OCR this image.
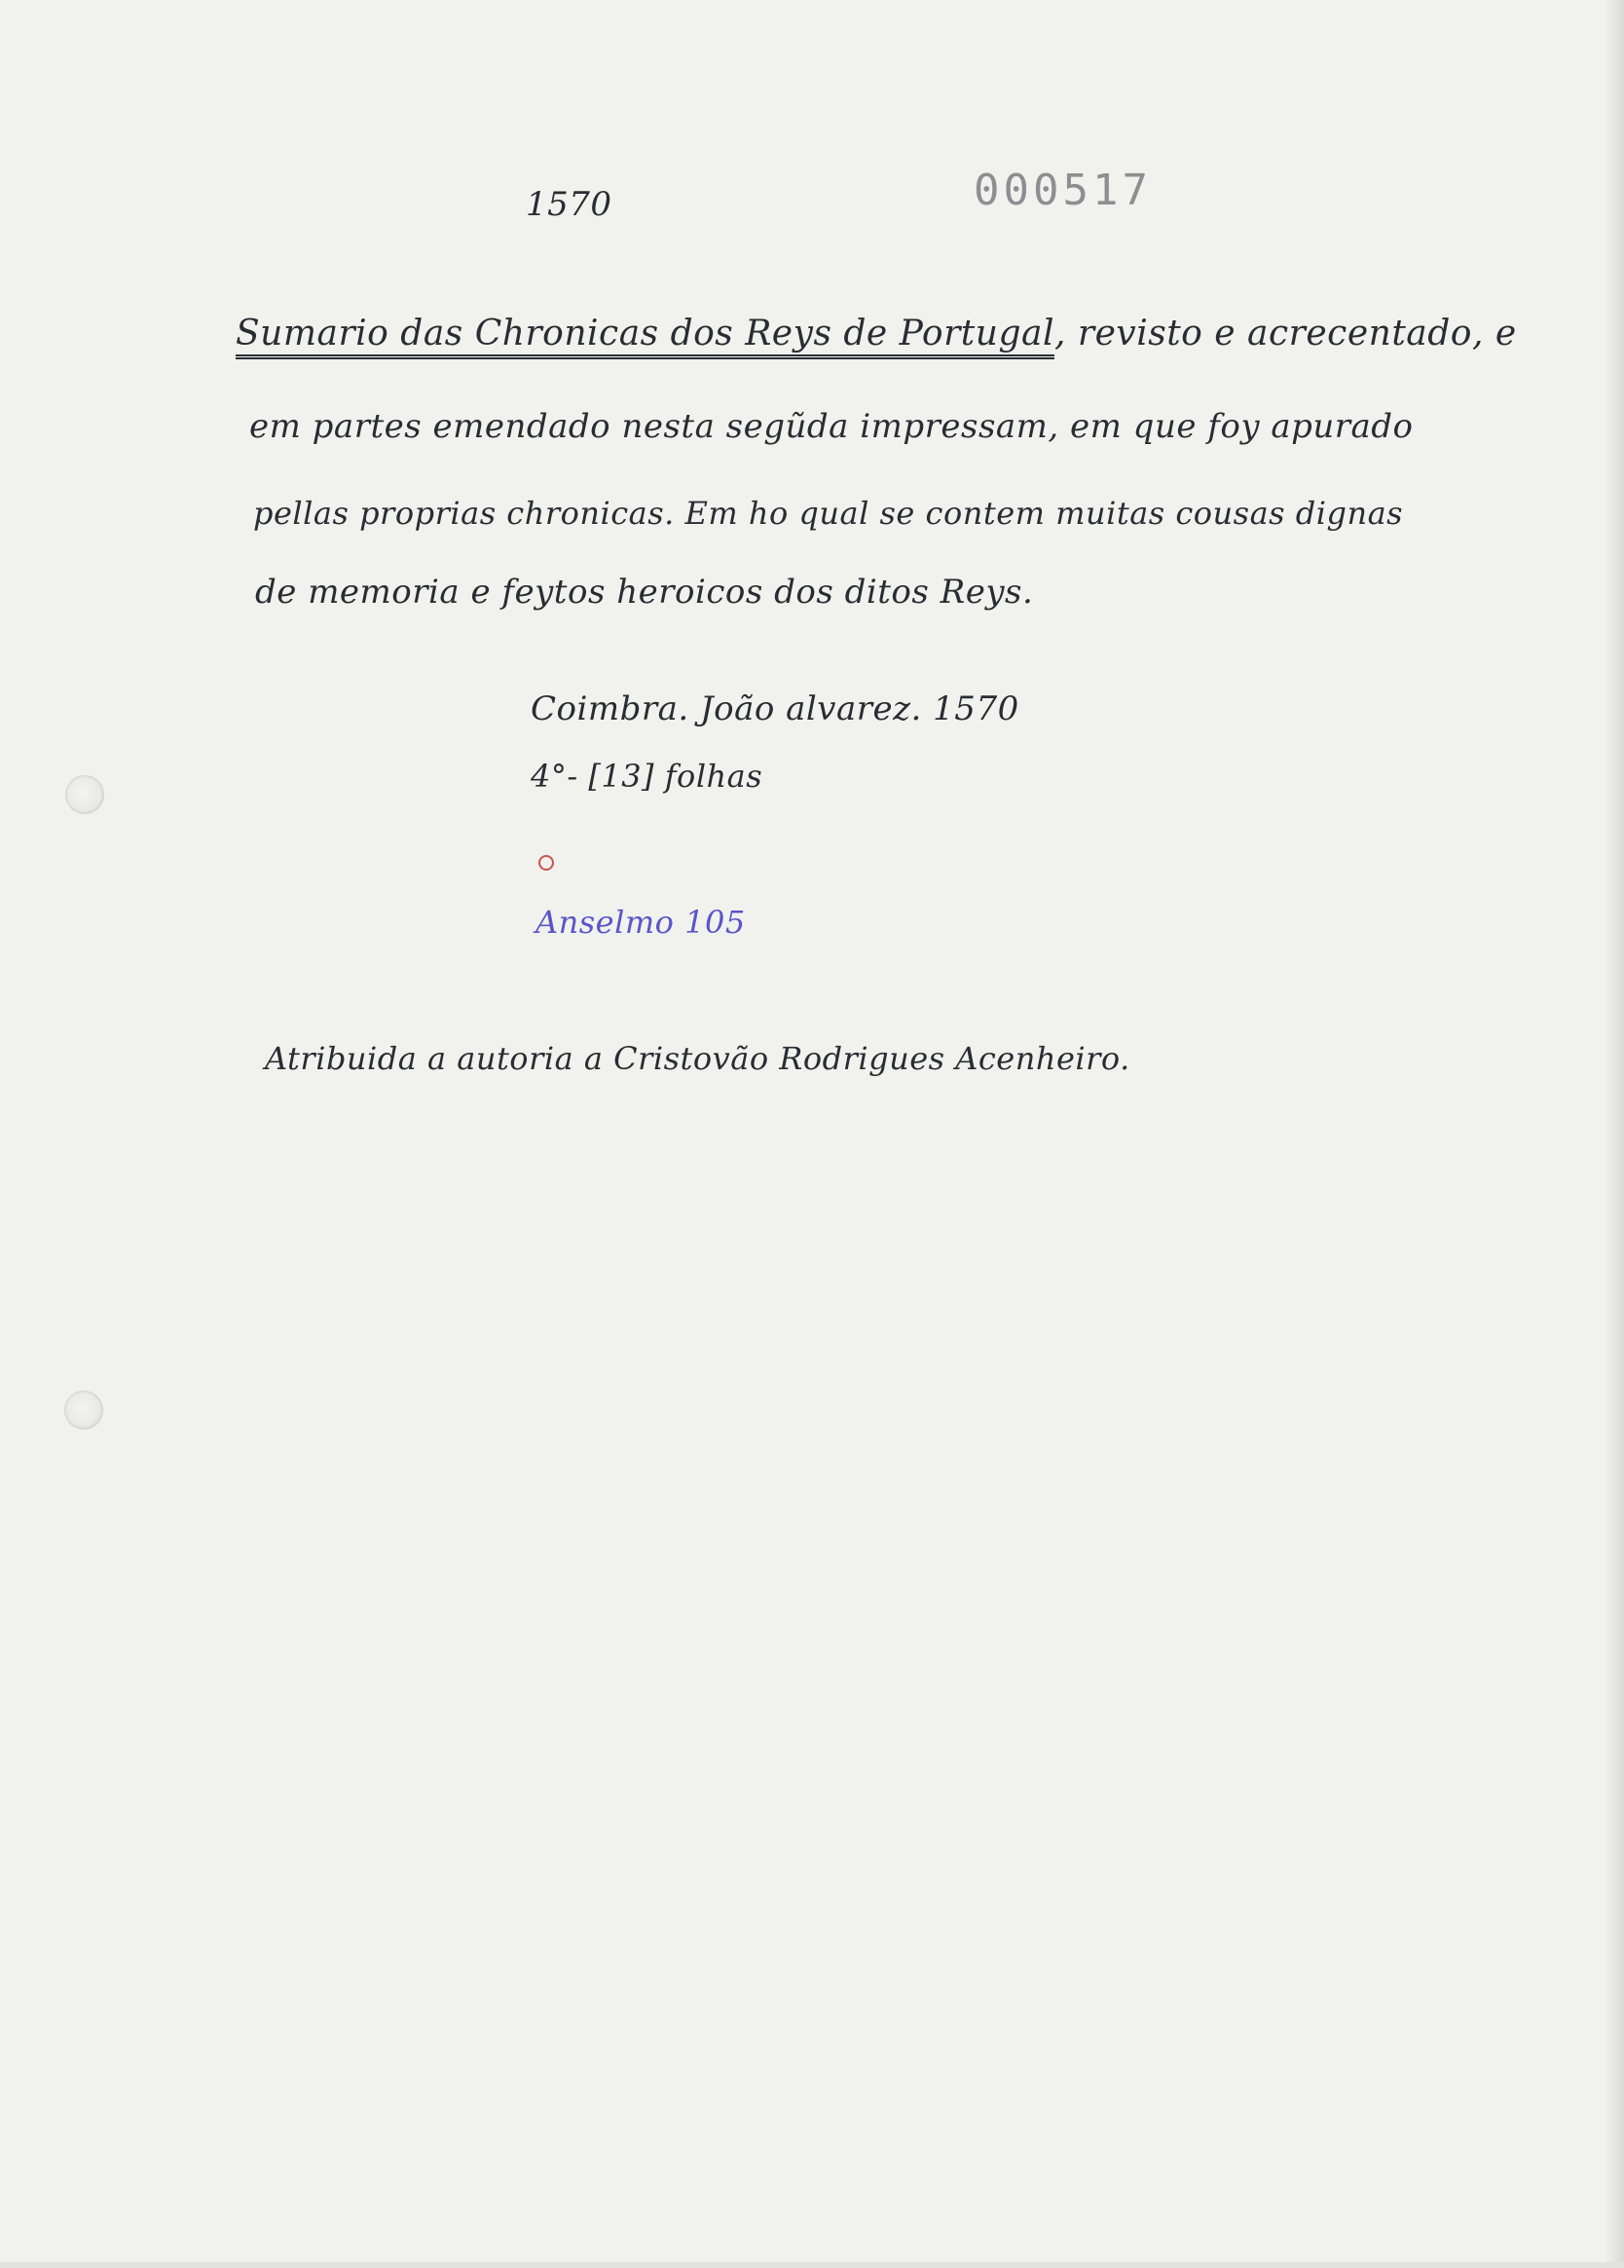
1570	000517
Sumario das Chronicas dos Reys de Portugal, revisto e acrecentado, e
em partes emendado nesta segũda impressam, em que foy apurado
pellas proprias chronicas. Em ho qual se contem muitas cousas dignas
de memoria e feytos heroicos dos ditos Reys.
Coimbra. João alvarez. 1570
4°- [13] folhas
Anselmo 105
Atribuida a autoria a Cristovão Rodrigues Acenheiro.
